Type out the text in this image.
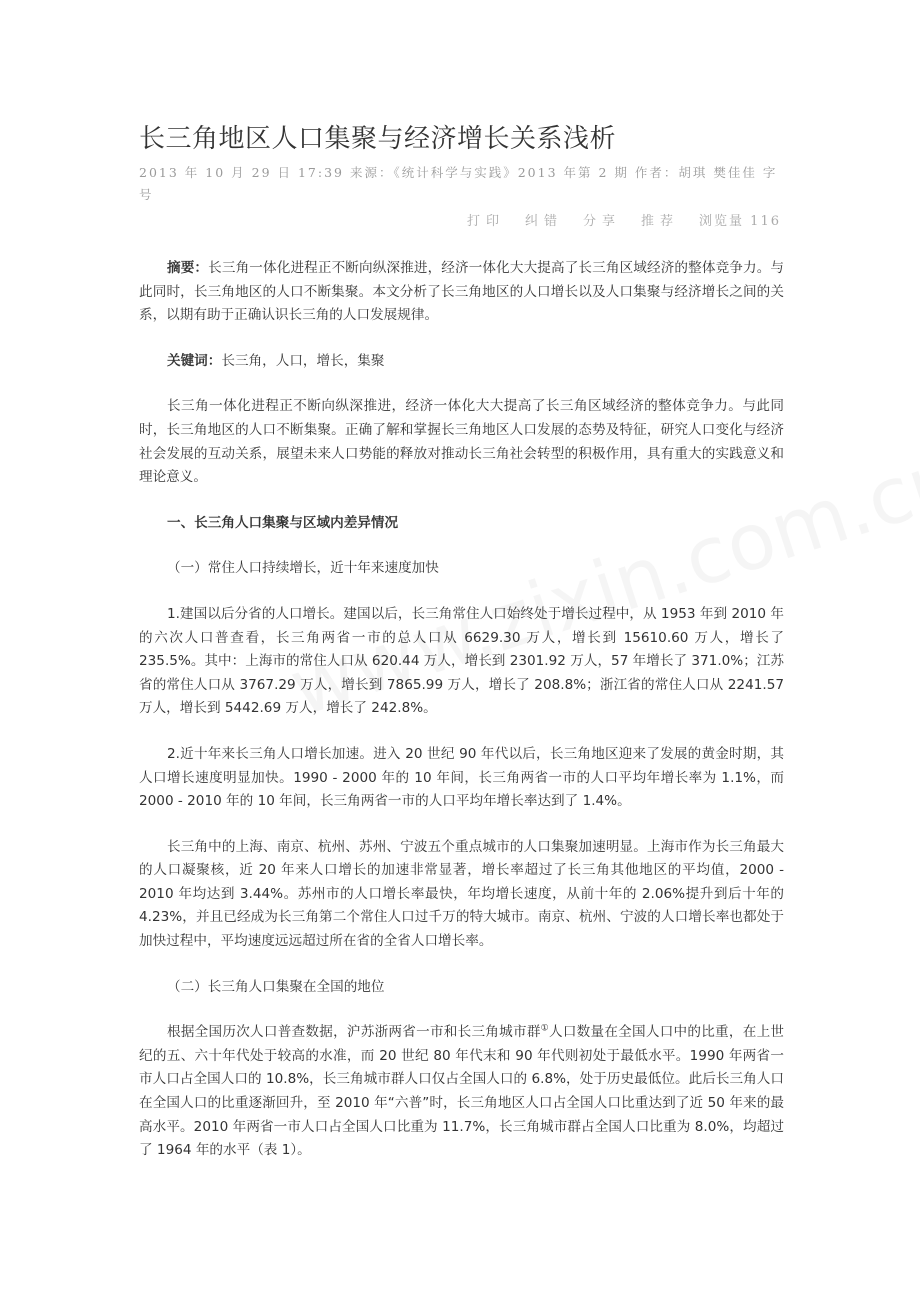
长三角地区人口集聚与经济增长关系浅析
2013 年 10 月 29 日 17:39 来源：《统计科学与实践》2013 年第 2 期 作者：胡琪 樊佳佳 字号
打印 纠错 分享 推荐 浏览量 116

摘要：长三角一体化进程正不断向纵深推进，经济一体化大大提高了长三角区域经济的整体竞争力。与此同时，长三角地区的人口不断集聚。本文分析了长三角地区的人口增长以及人口集聚与经济增长之间的关系，以期有助于正确认识长三角的人口发展规律。

关键词：长三角，人口，增长，集聚

长三角一体化进程正不断向纵深推进，经济一体化大大提高了长三角区域经济的整体竞争力。与此同时，长三角地区的人口不断集聚。正确了解和掌握长三角地区人口发展的态势及特征，研究人口变化与经济社会发展的互动关系，展望未来人口势能的释放对推动长三角社会转型的积极作用，具有重大的实践意义和理论意义。

一、长三角人口集聚与区域内差异情况

（一）常住人口持续增长，近十年来速度加快

1.建国以后分省的人口增长。建国以后，长三角常住人口始终处于增长过程中，从 1953 年到 2010 年的六次人口普查看，长三角两省一市的总人口从 6629.30 万人，增长到 15610.60 万人，增长了 235.5%。其中：上海市的常住人口从 620.44 万人，增长到 2301.92 万人，57 年增长了 371.0%；江苏省的常住人口从 3767.29 万人，增长到 7865.99 万人，增长了 208.8%；浙江省的常住人口从 2241.57 万人，增长到 5442.69 万人，增长了 242.8%。

2.近十年来长三角人口增长加速。进入 20 世纪 90 年代以后，长三角地区迎来了发展的黄金时期，其人口增长速度明显加快。1990 - 2000 年的 10 年间，长三角两省一市的人口平均年增长率为 1.1%，而 2000 - 2010 年的 10 年间，长三角两省一市的人口平均年增长率达到了 1.4%。

长三角中的上海、南京、杭州、苏州、宁波五个重点城市的人口集聚加速明显。上海市作为长三角最大的人口凝聚核，近 20 年来人口增长的加速非常显著，增长率超过了长三角其他地区的平均值，2000 - 2010 年均达到 3.44%。苏州市的人口增长率最快，年均增长速度，从前十年的 2.06%提升到后十年的 4.23%，并且已经成为长三角第二个常住人口过千万的特大城市。南京、杭州、宁波的人口增长率也都处于加快过程中，平均速度远远超过所在省的全省人口增长率。

（二）长三角人口集聚在全国的地位

根据全国历次人口普查数据，沪苏浙两省一市和长三角城市群①人口数量在全国人口中的比重，在上世纪的五、六十年代处于较高的水准，而 20 世纪 80 年代末和 90 年代则初处于最低水平。1990 年两省一市人口占全国人口的 10.8%，长三角城市群人口仅占全国人口的 6.8%，处于历史最低位。此后长三角人口在全国人口的比重逐渐回升，至 2010 年“六普”时，长三角地区人口占全国人口比重达到了近 50 年来的最高水平。2010 年两省一市人口占全国人口比重为 11.7%，长三角城市群占全国人口比重为 8.0%，均超过了 1964 年的水平（表 1）。
